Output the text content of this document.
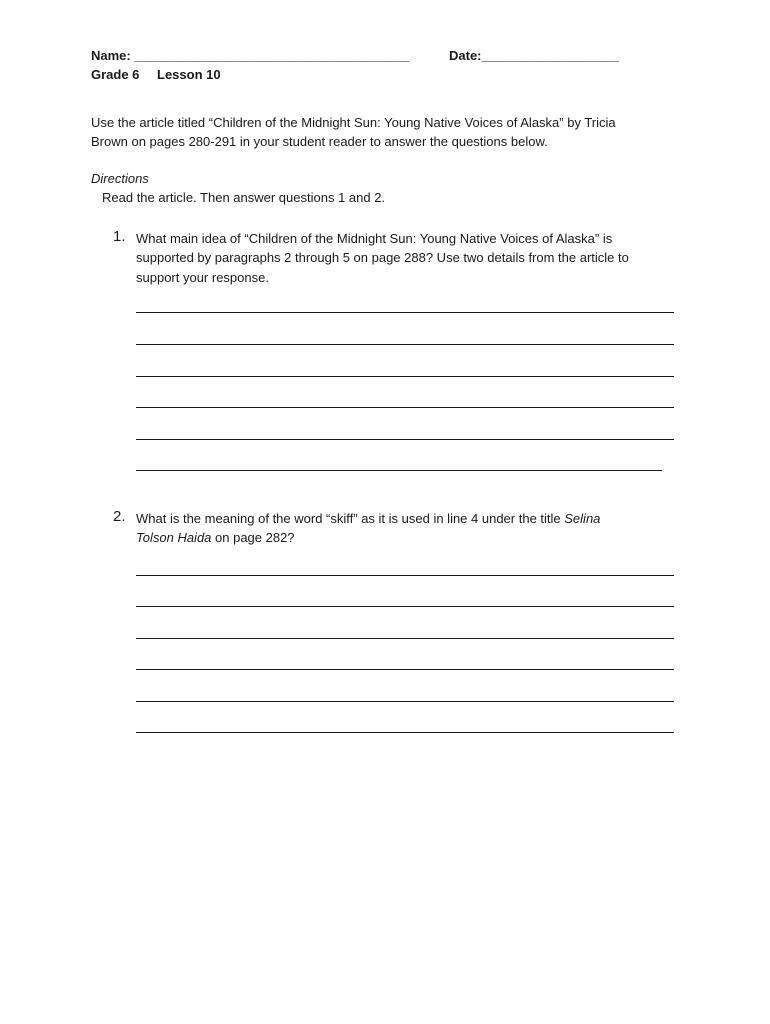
Name: ______________________________________	Date:___________________
Grade 6 Lesson 10
Use the article titled “Children of the Midnight Sun: Young Native Voices of Alaska” by Tricia
Brown on pages 280-291 in your student reader to answer the questions below.
Directions
Read the article. Then answer questions 1 and 2.
1. What main idea of “Children of the Midnight Sun: Young Native Voices of Alaska” is
supported by paragraphs 2 through 5 on page 288? Use two details from the article to
support your response.
2. What is the meaning of the word “skiff” as it is used in line 4 under the title Selina
Tolson Haida on page 282?
